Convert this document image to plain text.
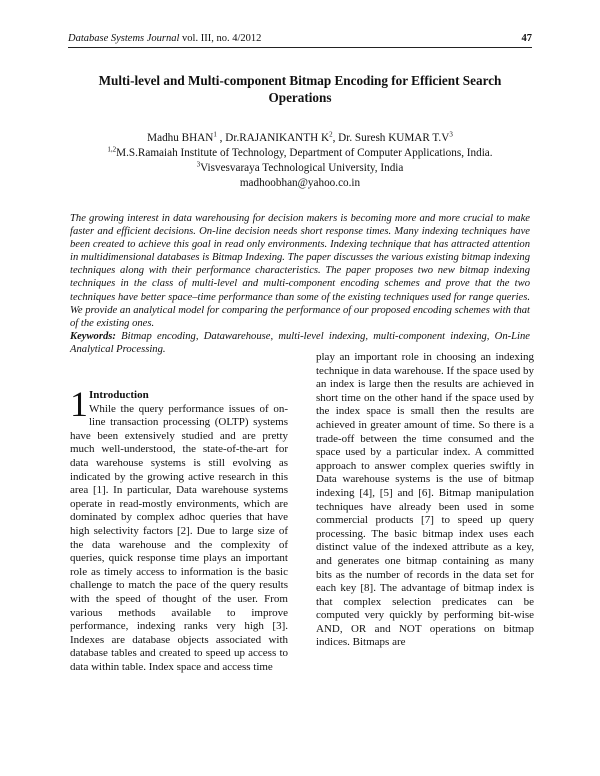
Database Systems Journal vol. III, no. 4/2012	47
Multi-level and Multi-component Bitmap Encoding for Efficient Search Operations
Madhu BHAN$^1$ , Dr.RAJANIKANTH $K^2$, Dr. Suresh KUMAR $T.V^3$
$^{1,2}$M.S.Ramaiah Institute of Technology, Department of Computer Applications, India.
$^3$Visvesvaraya Technological University, India
madhoobhan@yahoo.co.in

The growing interest in data warehousing for decision makers is becoming more and more crucial to make faster and efficient decisions. On-line decision needs short response times. Many indexing techniques have been created to achieve this goal in read only environments. Indexing technique that has attracted attention in multidimensional databases is Bitmap Indexing. The paper discusses the various existing bitmap indexing techniques along with their performance characteristics. The paper proposes two new bitmap indexing techniques in the class of multi-level and multi-component encoding schemes and prove that the two techniques have better space–time performance than some of the existing techniques used for range queries. We provide an analytical model for comparing the performance of our proposed encoding schemes with that of the existing ones.

Keywords: Bitmap encoding, Datawarehouse, multi-level indexing, multi-component indexing, On-Line Analytical Processing.

1 Introduction

While the query performance issues of on-line transaction processing (OLTP) systems have been extensively studied and are pretty much well-understood, the state-of-the-art for data warehouse systems is still evolving as indicated by the growing active research in this area [1]. In particular, Data warehouse systems operate in read-mostly environments, which are dominated by complex adhoc queries that have high selectivity factors [2]. Due to large size of the data warehouse and the complexity of queries, quick response time plays an important role as timely access to information is the basic challenge to match the pace of the query results with the speed of thought of the user. From various methods available to improve performance, indexing ranks very high [3]. Indexes are database objects associated with database tables and created to speed up access to data within table. Index space and access time

play an important role in choosing an indexing technique in data warehouse. If the space used by an index is large then the results are achieved in short time on the other hand if the space used by the index space is small then the results are achieved in greater amount of time. So there is a trade-off between the time consumed and the space used by a particular index. A committed approach to answer complex queries swiftly in Data warehouse systems is the use of bitmap indexing [4], [5] and [6]. Bitmap manipulation techniques have already been used in some commercial products [7] to speed up query processing. The basic bitmap index uses each distinct value of the indexed attribute as a key, and generates one bitmap containing as many bits as the number of records in the data set for each key [8]. The advantage of bitmap index is that complex selection predicates can be computed very quickly by performing bit-wise AND, OR and NOT operations on bitmap indices. Bitmaps are
